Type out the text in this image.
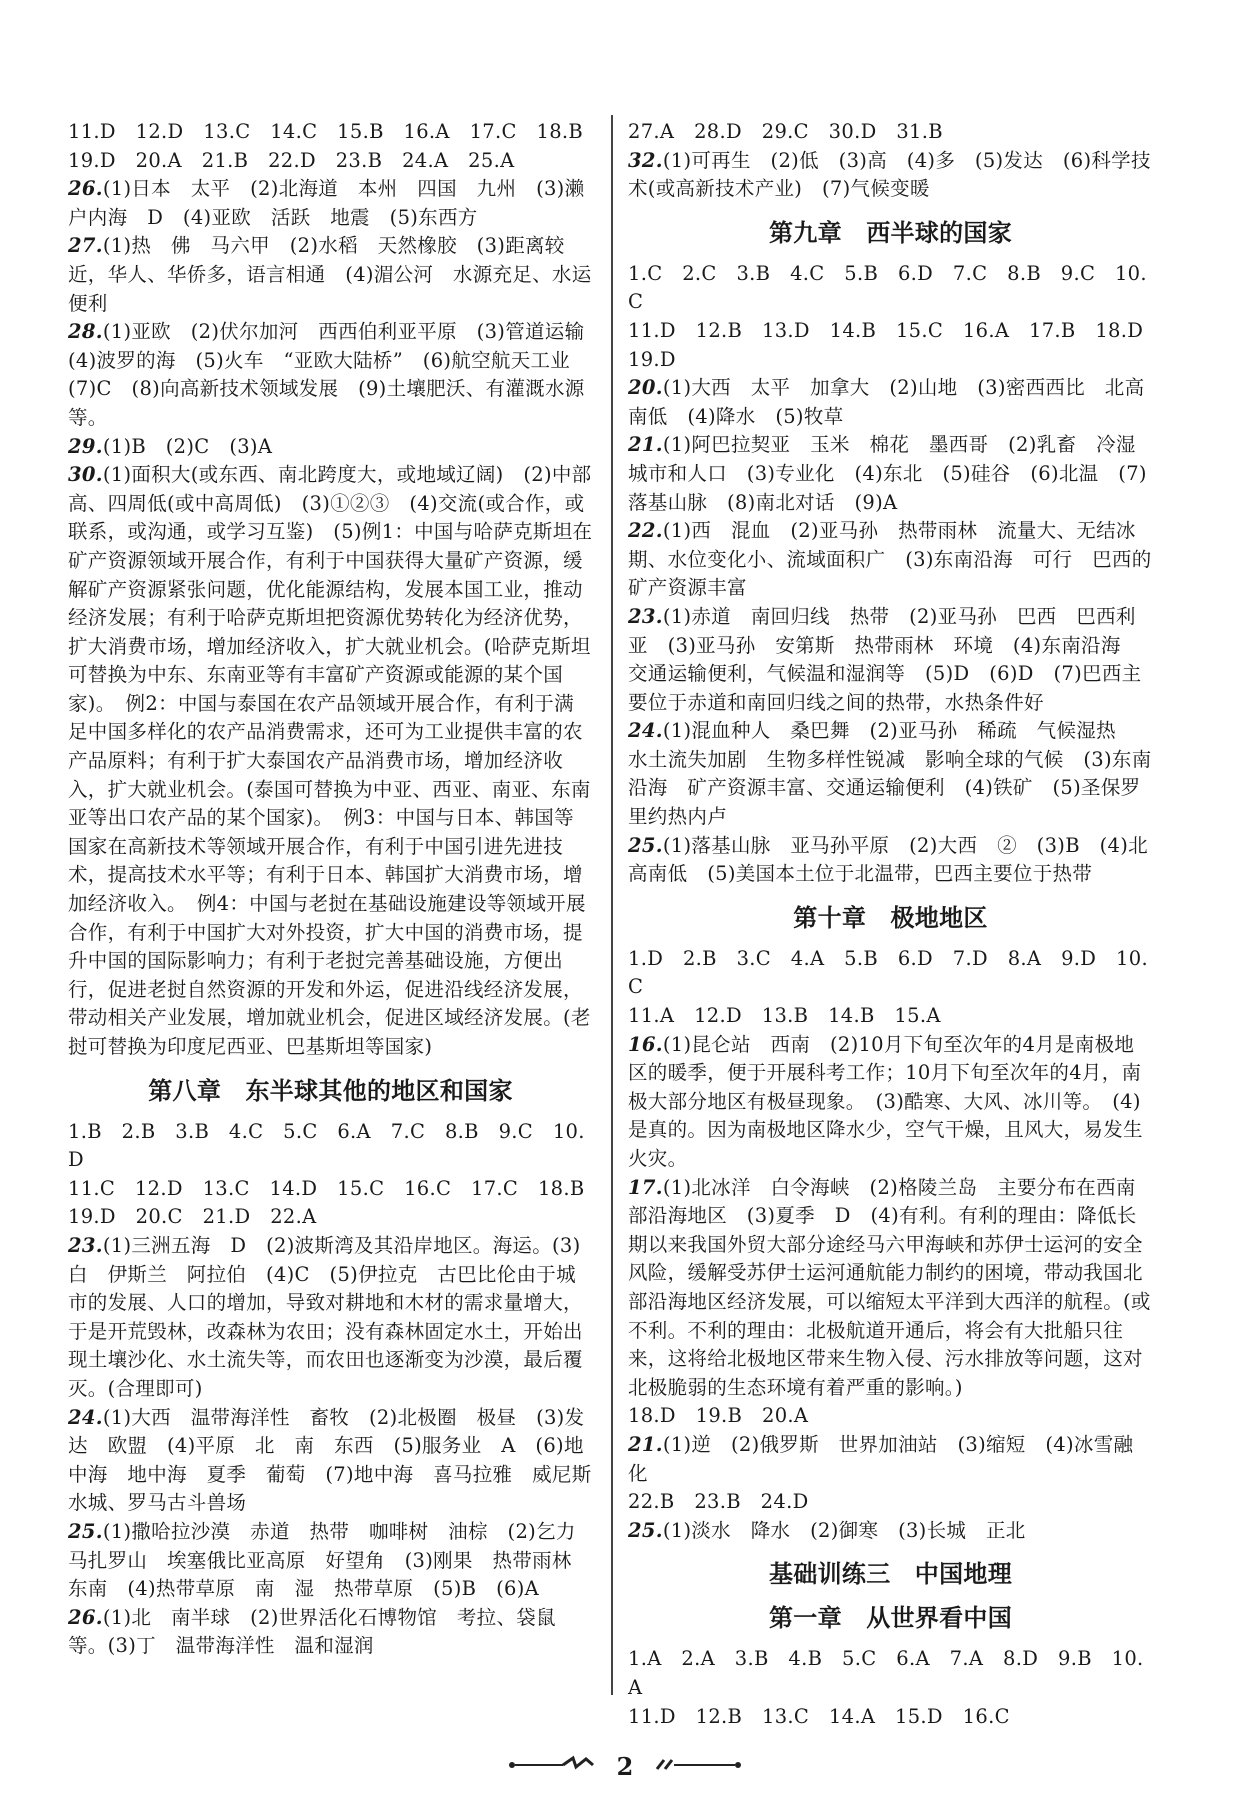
11.D　12.D　13.C　14.C　15.B　16.A　17.C　18.B

19.D　20.A　21.B　22.D　23.B　24.A　25.A

26.(1)日本　太平　(2)北海道　本州　四国　九州　(3)濑户内海　D　(4)亚欧　活跃　地震　(5)东西方

27.(1)热　佛　马六甲　(2)水稻　天然橡胶　(3)距离较近，华人、华侨多，语言相通　(4)湄公河　水源充足、水运便利

28.(1)亚欧　(2)伏尔加河　西西伯利亚平原　(3)管道运输　(4)波罗的海　(5)火车　“亚欧大陆桥”　(6)航空航天工业　(7)C　(8)向高新技术领域发展　(9)土壤肥沃、有灌溉水源等。

29.(1)B　(2)C　(3)A

30.(1)面积大(或东西、南北跨度大，或地域辽阔)　(2)中部高、四周低(或中高周低)　(3)①②③　(4)交流(或合作，或联系，或沟通，或学习互鉴)　(5)例1：中国与哈萨克斯坦在矿产资源领域开展合作，有利于中国获得大量矿产资源，缓解矿产资源紧张问题，优化能源结构，发展本国工业，推动经济发展；有利于哈萨克斯坦把资源优势转化为经济优势，扩大消费市场，增加经济收入，扩大就业机会。(哈萨克斯坦可替换为中东、东南亚等有丰富矿产资源或能源的某个国家)。　例2：中国与泰国在农产品领域开展合作，有利于满足中国多样化的农产品消费需求，还可为工业提供丰富的农产品原料；有利于扩大泰国农产品消费市场，增加经济收入，扩大就业机会。(泰国可替换为中亚、西亚、南亚、东南亚等出口农产品的某个国家)。　例3：中国与日本、韩国等国家在高新技术等领域开展合作，有利于中国引进先进技术，提高技术水平等；有利于日本、韩国扩大消费市场，增加经济收入。　例4：中国与老挝在基础设施建设等领域开展合作，有利于中国扩大对外投资，扩大中国的消费市场，提升中国的国际影响力；有利于老挝完善基础设施，方便出行，促进老挝自然资源的开发和外运，促进沿线经济发展，带动相关产业发展，增加就业机会，促进区域经济发展。(老挝可替换为印度尼西亚、巴基斯坦等国家)

第八章　东半球其他的地区和国家

1.B　2.B　3.B　4.C　5.C　6.A　7.C　8.B　9.C　10.D

11.C　12.D　13.C　14.D　15.C　16.C　17.C　18.B

19.D　20.C　21.D　22.A

23.(1)三洲五海　D　(2)波斯湾及其沿岸地区。海运。(3)白　伊斯兰　阿拉伯　(4)C　(5)伊拉克　古巴比伦由于城市的发展、人口的增加，导致对耕地和木材的需求量增大，于是开荒毁林，改森林为农田；没有森林固定水土，开始出现土壤沙化、水土流失等，而农田也逐渐变为沙漠，最后覆灭。(合理即可)

24.(1)大西　温带海洋性　畜牧　(2)北极圈　极昼　(3)发达　欧盟　(4)平原　北　南　东西　(5)服务业　A　(6)地中海　地中海　夏季　葡萄　(7)地中海　喜马拉雅　威尼斯水城、罗马古斗兽场

25.(1)撒哈拉沙漠　赤道　热带　咖啡树　油棕　(2)乞力马扎罗山　埃塞俄比亚高原　好望角　(3)刚果　热带雨林　东南　(4)热带草原　南　湿　热带草原　(5)B　(6)A

26.(1)北　南半球　(2)世界活化石博物馆　考拉、袋鼠等。(3)丁　温带海洋性　温和湿润

27.A　28.D　29.C　30.D　31.B

32.(1)可再生　(2)低　(3)高　(4)多　(5)发达　(6)科学技术(或高新技术产业)　(7)气候变暖

第九章　西半球的国家

1.C　2.C　3.B　4.C　5.B　6.D　7.C　8.B　9.C　10.C

11.D　12.B　13.D　14.B　15.C　16.A　17.B　18.D

19.D

20.(1)大西　太平　加拿大　(2)山地　(3)密西西比　北高南低　(4)降水　(5)牧草

21.(1)阿巴拉契亚　玉米　棉花　墨西哥　(2)乳畜　冷湿　城市和人口　(3)专业化　(4)东北　(5)硅谷　(6)北温　(7)落基山脉　(8)南北对话　(9)A

22.(1)西　混血　(2)亚马孙　热带雨林　流量大、无结冰期、水位变化小、流域面积广　(3)东南沿海　可行　巴西的矿产资源丰富

23.(1)赤道　南回归线　热带　(2)亚马孙　巴西　巴西利亚　(3)亚马孙　安第斯　热带雨林　环境　(4)东南沿海　交通运输便利，气候温和湿润等　(5)D　(6)D　(7)巴西主要位于赤道和南回归线之间的热带，水热条件好

24.(1)混血种人　桑巴舞　(2)亚马孙　稀疏　气候湿热　水土流失加剧　生物多样性锐减　影响全球的气候　(3)东南沿海　矿产资源丰富、交通运输便利　(4)铁矿　(5)圣保罗　里约热内卢

25.(1)落基山脉　亚马孙平原　(2)大西　②　(3)B　(4)北高南低　(5)美国本土位于北温带，巴西主要位于热带

第十章　极地地区

1.D　2.B　3.C　4.A　5.B　6.D　7.D　8.A　9.D　10.C

11.A　12.D　13.B　14.B　15.A

16.(1)昆仑站　西南　(2)10月下旬至次年的4月是南极地区的暖季，便于开展科考工作；10月下旬至次年的4月，南极大部分地区有极昼现象。　(3)酷寒、大风、冰川等。　(4)是真的。因为南极地区降水少，空气干燥，且风大，易发生火灾。

17.(1)北冰洋　白令海峡　(2)格陵兰岛　主要分布在西南部沿海地区　(3)夏季　D　(4)有利。有利的理由：降低长期以来我国外贸大部分途经马六甲海峡和苏伊士运河的安全风险，缓解受苏伊士运河通航能力制约的困境，带动我国北部沿海地区经济发展，可以缩短太平洋到大西洋的航程。(或不利。不利的理由：北极航道开通后，将会有大批船只往来，这将给北极地区带来生物入侵、污水排放等问题，这对北极脆弱的生态环境有着严重的影响。)

18.D　19.B　20.A

21.(1)逆　(2)俄罗斯　世界加油站　(3)缩短　(4)冰雪融化

22.B　23.B　24.D

25.(1)淡水　降水　(2)御寒　(3)长城　正北

基础训练三　中国地理
第一章　从世界看中国

1.A　2.A　3.B　4.B　5.C　6.A　7.A　8.D　9.B　10.A

11.D　12.B　13.C　14.A　15.D　16.C

2
